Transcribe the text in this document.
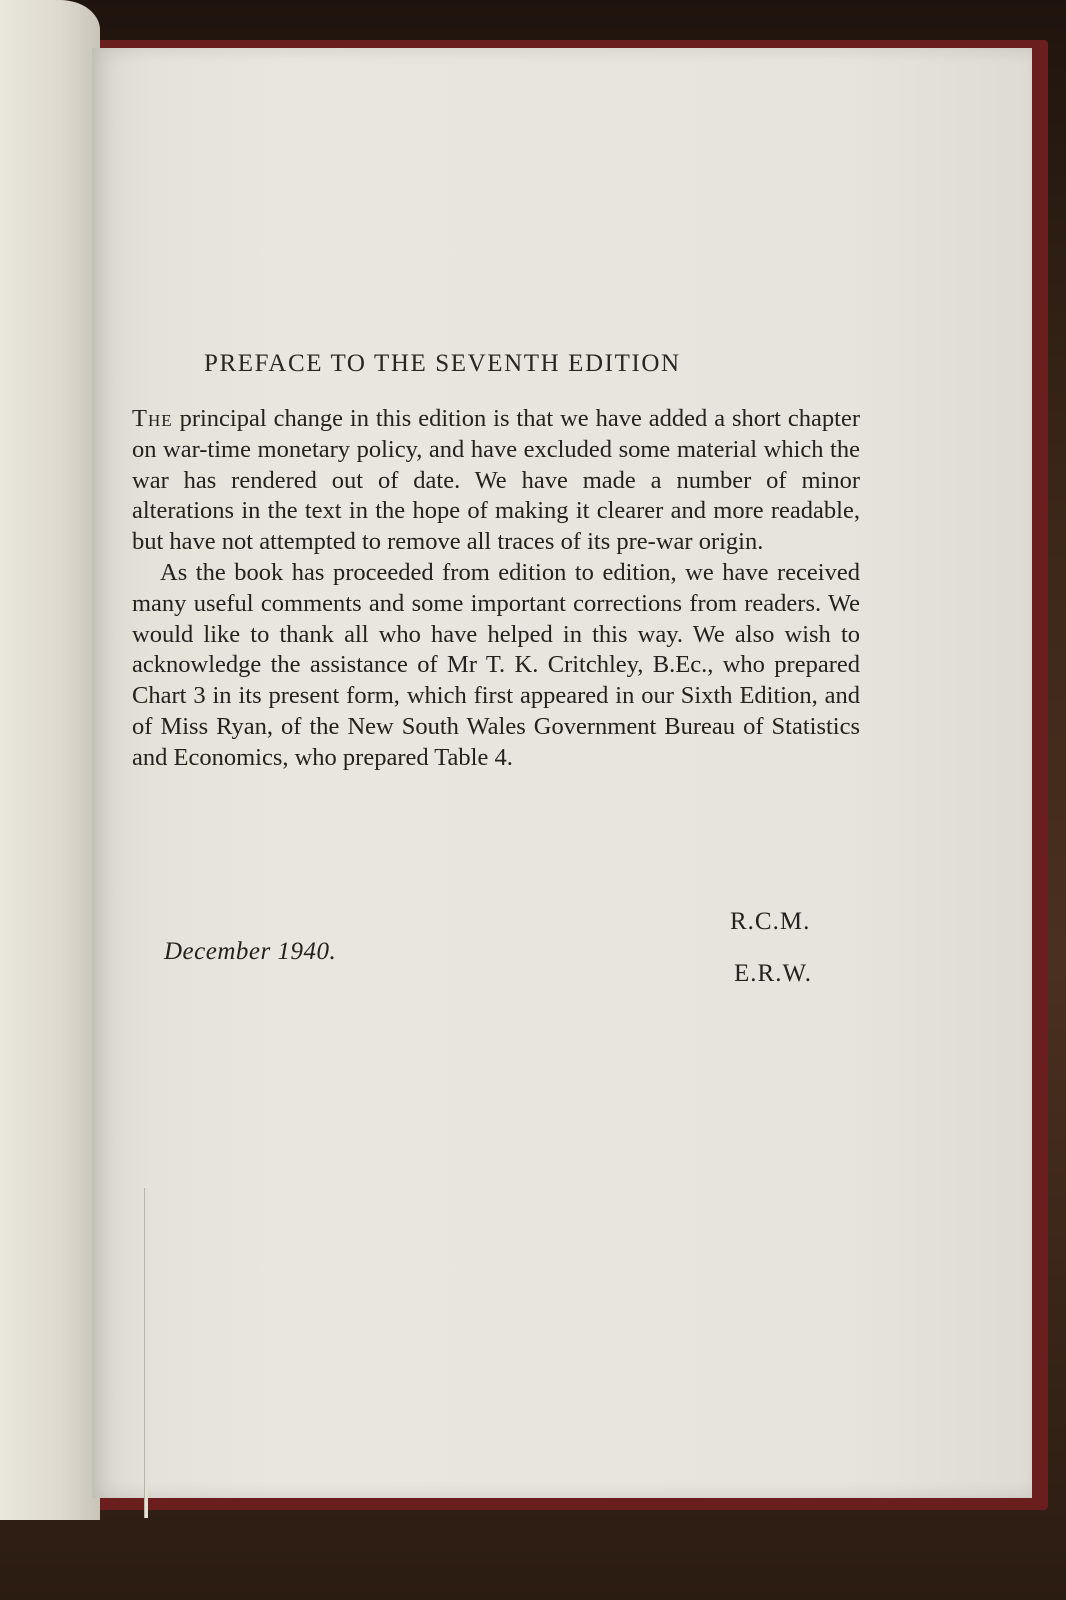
PREFACE TO THE SEVENTH EDITION

The principal change in this edition is that we have added a short chapter on war-time monetary policy, and have excluded some material which the war has rendered out of date. We have made a number of minor alterations in the text in the hope of making it clearer and more readable, but have not attempted to remove all traces of its pre-war origin.

As the book has proceeded from edition to edition, we have received many useful comments and some important corrections from readers. We would like to thank all who have helped in this way. We also wish to acknowledge the assistance of Mr T. K. Critchley, B.Ec., who prepared Chart 3 in its present form, which first appeared in our Sixth Edition, and of Miss Ryan, of the New South Wales Government Bureau of Statistics and Economics, who prepared Table 4.

December 1940.
R.C.M.
E.R.W.
